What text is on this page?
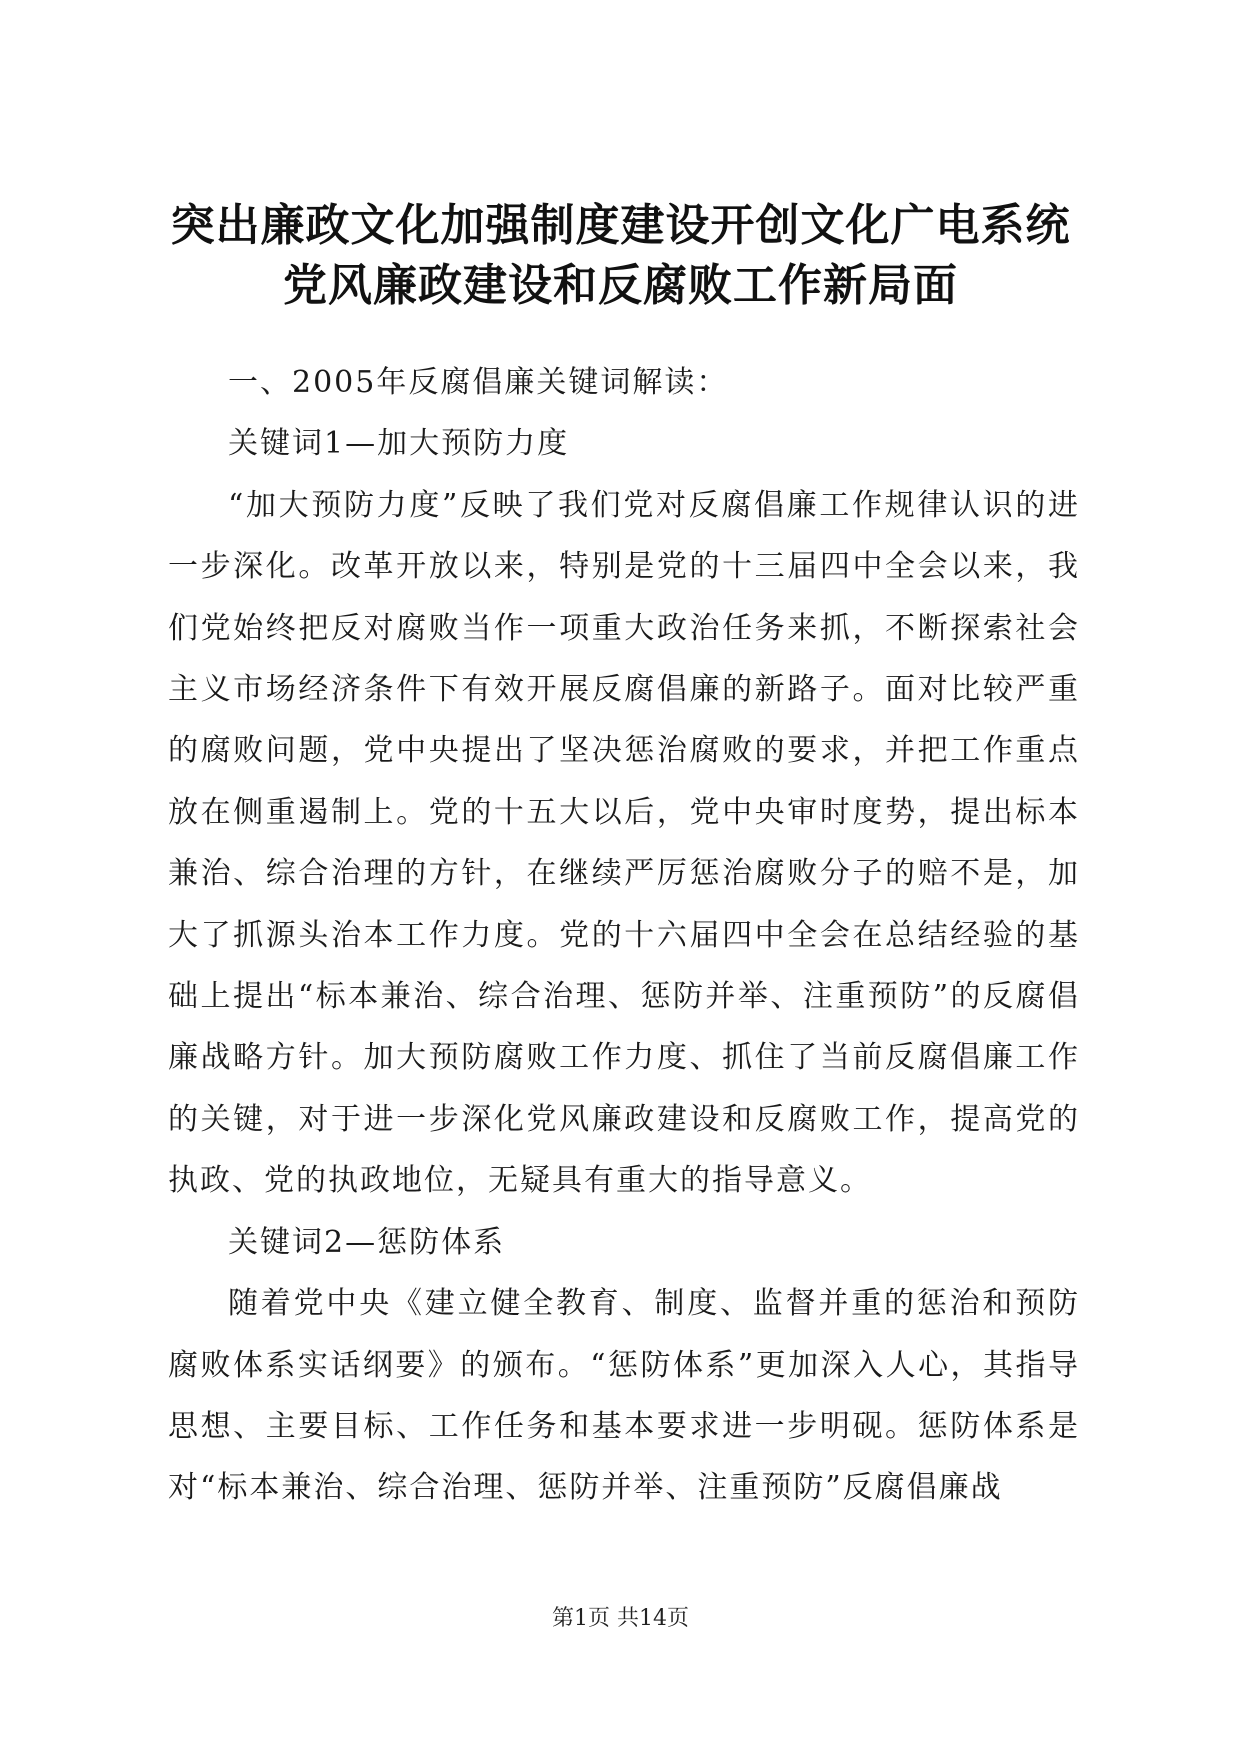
突出廉政文化加强制度建设开创文化广电系统
党风廉政建设和反腐败工作新局面

一、2005年反腐倡廉关键词解读：

关键词1—加大预防力度

“加大预防力度”反映了我们党对反腐倡廉工作规律认识的进一步深化。改革开放以来，特别是党的十三届四中全会以来，我们党始终把反对腐败当作一项重大政治任务来抓，不断探索社会主义市场经济条件下有效开展反腐倡廉的新路子。面对比较严重的腐败问题，党中央提出了坚决惩治腐败的要求，并把工作重点放在侧重遏制上。党的十五大以后，党中央审时度势，提出标本兼治、综合治理的方针，在继续严厉惩治腐败分子的赔不是，加大了抓源头治本工作力度。党的十六届四中全会在总结经验的基础上提出“标本兼治、综合治理、惩防并举、注重预防”的反腐倡廉战略方针。加大预防腐败工作力度、抓住了当前反腐倡廉工作的关键，对于进一步深化党风廉政建设和反腐败工作，提高党的执政、党的执政地位，无疑具有重大的指导意义。

关键词2—惩防体系

随着党中央《建立健全教育、制度、监督并重的惩治和预防腐败体系实话纲要》的颁布。“惩防体系”更加深入人心，其指导思想、主要目标、工作任务和基本要求进一步明砚。惩防体系是对“标本兼治、综合治理、惩防并举、注重预防”反腐倡廉战

第1页 共14页
